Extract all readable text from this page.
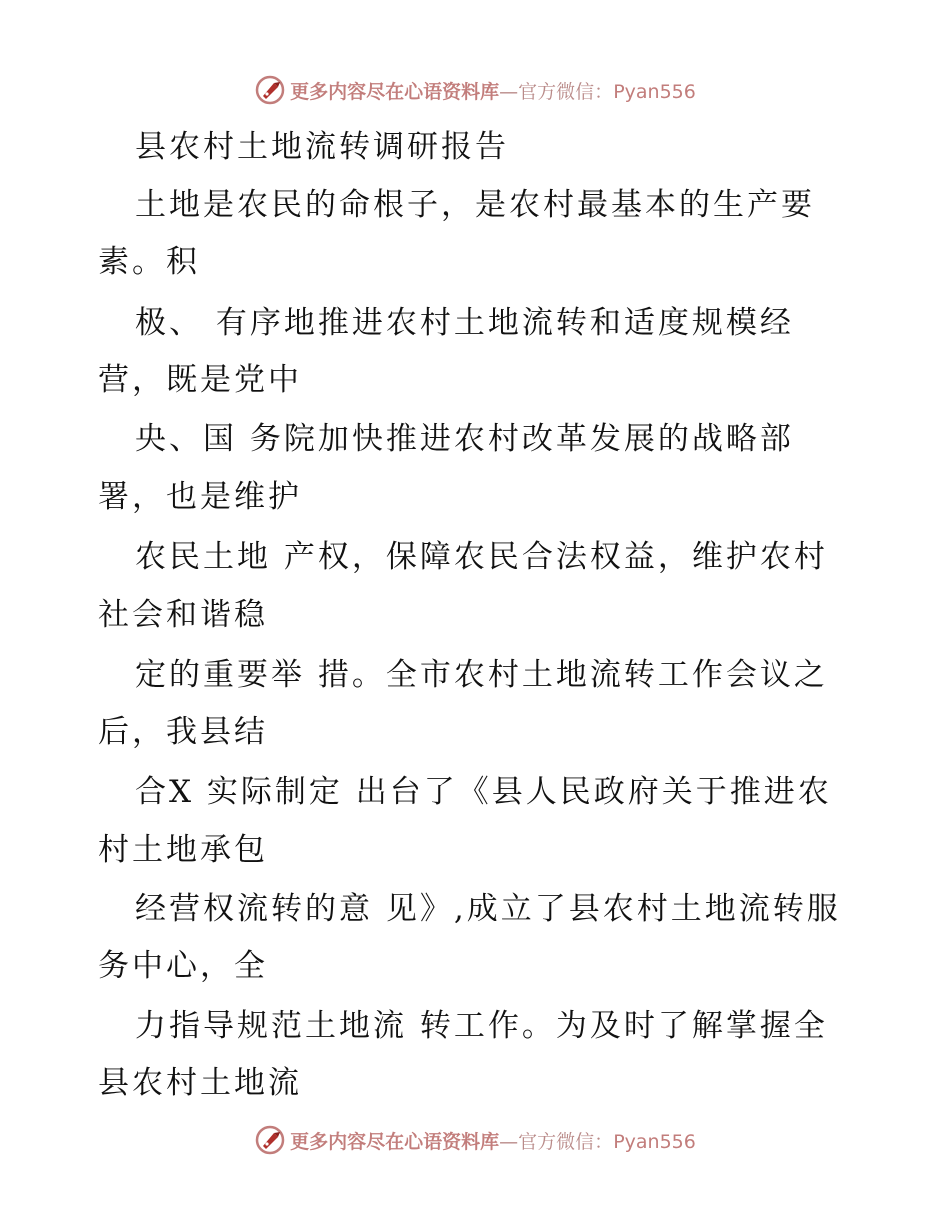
更多内容尽在心语资料库—官方微信：Pyan556
县农村土地流转调研报告
土地是农民的命根子，是农村最基本的生产要
素。积
极、 有序地推进农村土地流转和适度规模经
营，既是党中
央、国 务院加快推进农村改革发展的战略部
署，也是维护
农民土地 产权，保障农民合法权益，维护农村
社会和谐稳
定的重要举 措。全市农村土地流转工作会议之
后，我县结
合X 实际制定 出台了《县人民政府关于推进农
村土地承包
经营权流转的意 见》,成立了县农村土地流转服
务中心，全
力指导规范土地流 转工作。为及时了解掌握全
县农村土地流
更多内容尽在心语资料库—官方微信：Pyan556
